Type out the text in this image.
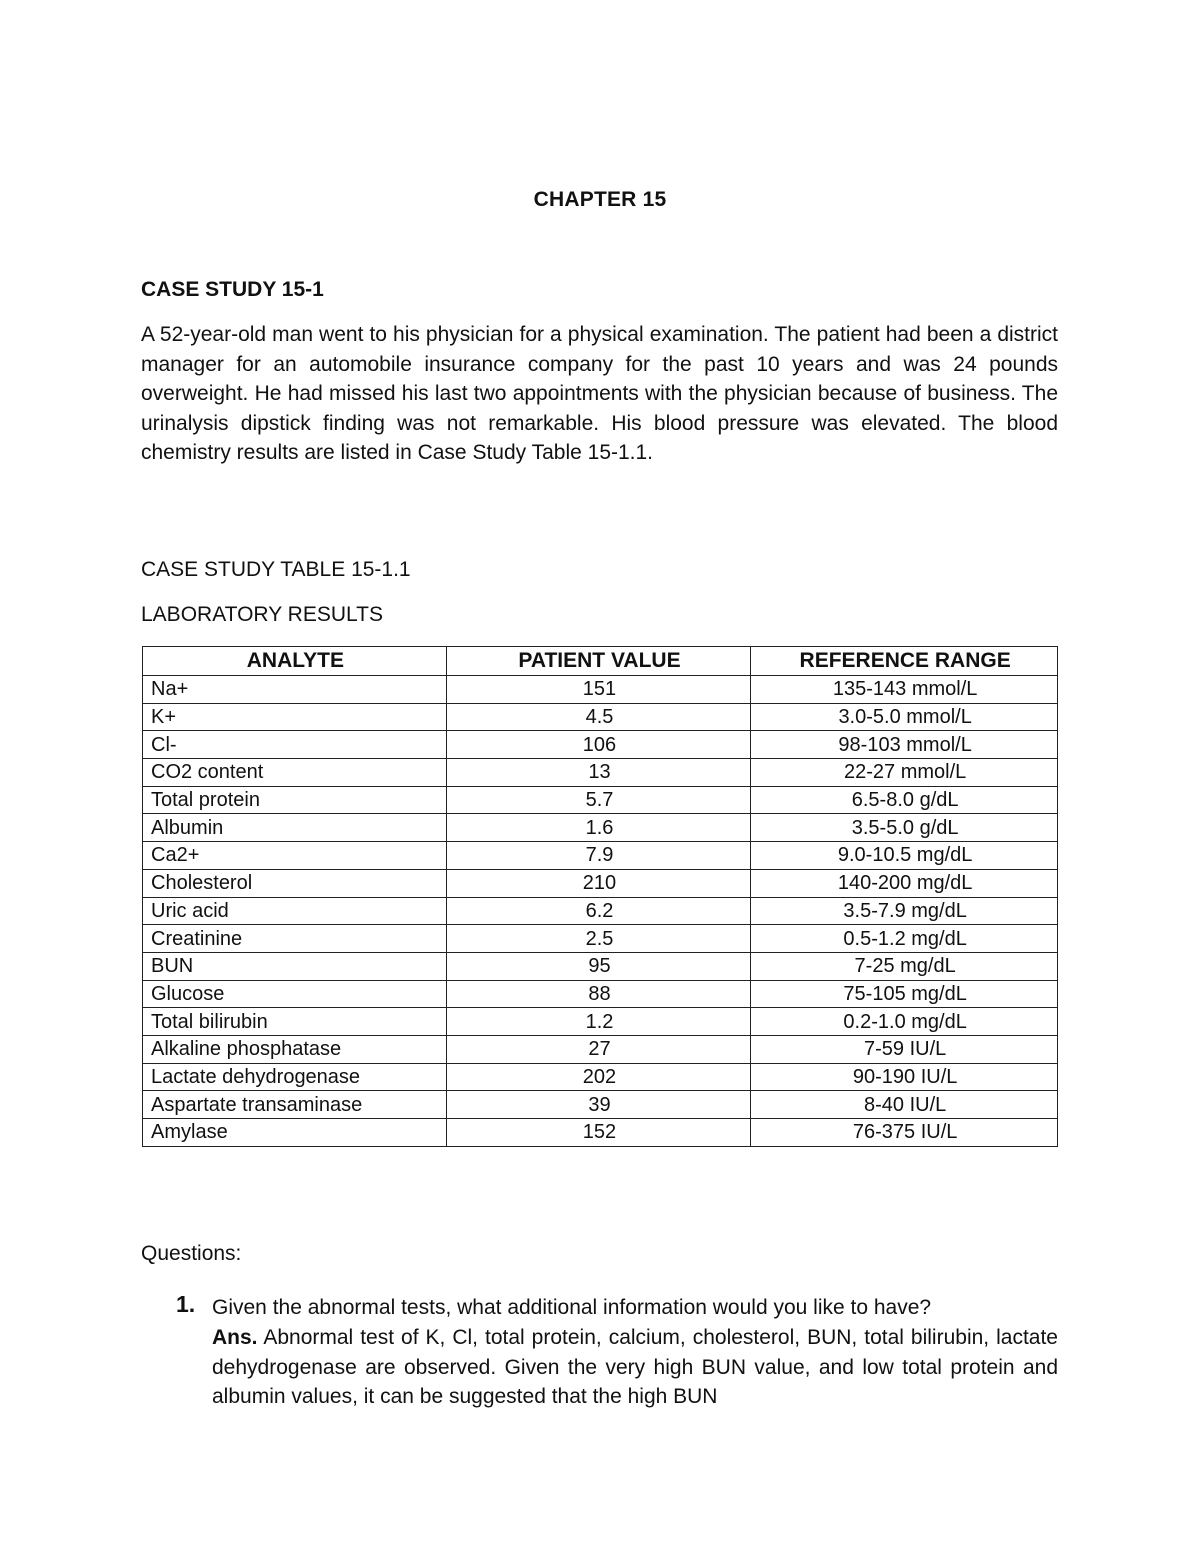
CHAPTER 15
CASE STUDY 15-1
A 52-year-old man went to his physician for a physical examination. The patient had been a district manager for an automobile insurance company for the past 10 years and was 24 pounds overweight. He had missed his last two appointments with the physician because of business. The urinalysis dipstick finding was not remarkable. His blood pressure was elevated. The blood chemistry results are listed in Case Study Table 15-1.1.
CASE STUDY TABLE 15-1.1
LABORATORY RESULTS
ANALYTE	PATIENT VALUE	REFERENCE RANGE
Na+	151	135-143 mmol/L
K+	4.5	3.0-5.0 mmol/L
Cl-	106	98-103 mmol/L
CO2 content	13	22-27 mmol/L
Total protein	5.7	6.5-8.0 g/dL
Albumin	1.6	3.5-5.0 g/dL
Ca2+	7.9	9.0-10.5 mg/dL
Cholesterol	210	140-200 mg/dL
Uric acid	6.2	3.5-7.9 mg/dL
Creatinine	2.5	0.5-1.2 mg/dL
BUN	95	7-25 mg/dL
Glucose	88	75-105 mg/dL
Total bilirubin	1.2	0.2-1.0 mg/dL
Alkaline phosphatase	27	7-59 IU/L
Lactate dehydrogenase	202	90-190 IU/L
Aspartate transaminase	39	8-40 IU/L
Amylase	152	76-375 IU/L
Questions:
1. Given the abnormal tests, what additional information would you like to have?
Ans. Abnormal test of K, Cl, total protein, calcium, cholesterol, BUN, total bilirubin, lactate dehydrogenase are observed. Given the very high BUN value, and low total protein and albumin values, it can be suggested that the high BUN
